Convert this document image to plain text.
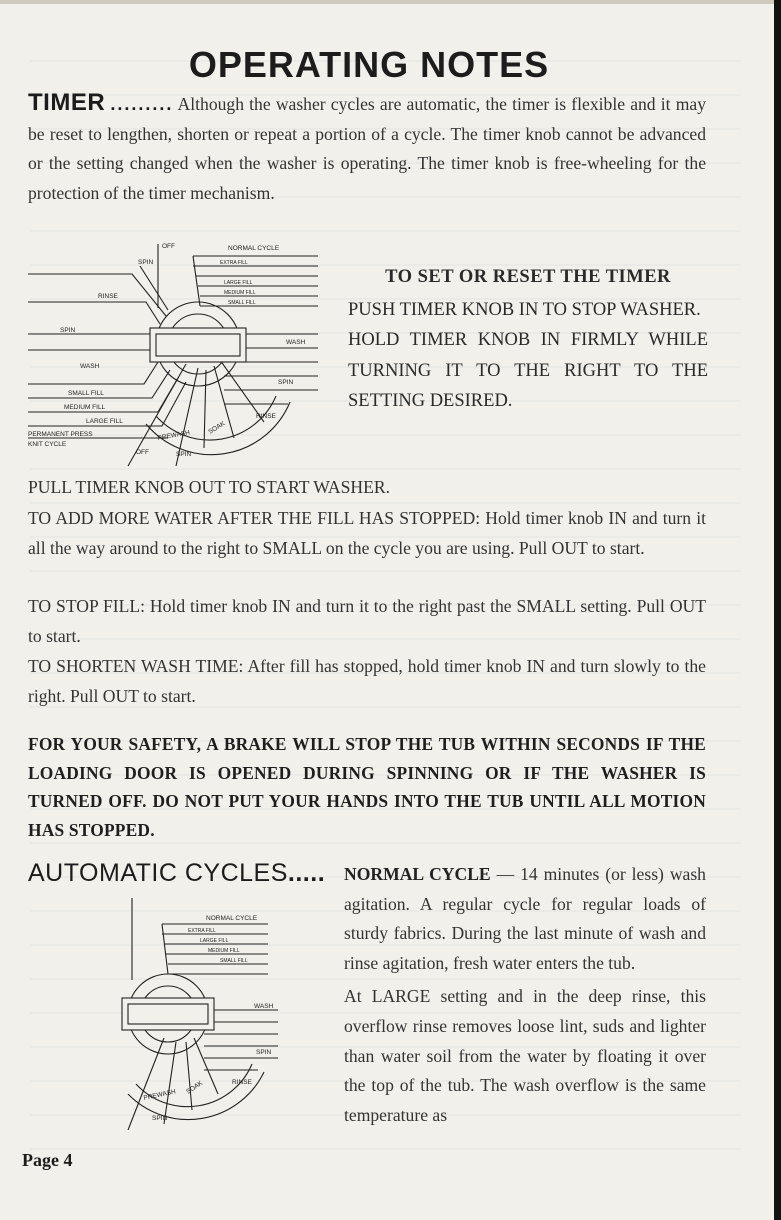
OPERATING NOTES
TIMER ......... Although the washer cycles are automatic, the timer is flexible and it may be reset to lengthen, shorten or repeat a portion of a cycle. The timer knob cannot be advanced or the setting changed when the washer is operating. The timer knob is free-wheeling for the protection of the timer mechanism.
OFF	NORMAL CYCLE
SPIN	EXTRA FILL
LARGE FILL
MEDIUM FILL
SMALL FILL
RINSE
SPIN
WASH
WASH
SPIN
SMALL FILL
MEDIUM FILL
LARGE FILL
RINSE
PERMANENT PRESS
KNIT CYCLE
PREWASH	SOAK
OFF	SPIN
TO SET OR RESET THE TIMER
PUSH TIMER KNOB IN TO STOP WASHER.
HOLD TIMER KNOB IN FIRMLY WHILE TURNING IT TO THE RIGHT TO THE SETTING DESIRED.
PULL TIMER KNOB OUT TO START WASHER.
TO ADD MORE WATER AFTER THE FILL HAS STOPPED: Hold timer knob IN and turn it all the way around to the right to SMALL on the cycle you are using. Pull OUT to start.
TO STOP FILL: Hold timer knob IN and turn it to the right past the SMALL setting. Pull OUT to start.
TO SHORTEN WASH TIME: After fill has stopped, hold timer knob IN and turn slowly to the right. Pull OUT to start.
FOR YOUR SAFETY, A BRAKE WILL STOP THE TUB WITHIN SECONDS IF THE LOADING DOOR IS OPENED DURING SPINNING OR IF THE WASHER IS TURNED OFF. DO NOT PUT YOUR HANDS INTO THE TUB UNTIL ALL MOTION HAS STOPPED.
AUTOMATIC CYCLES..... NORMAL CYCLE — 14 minutes (or less) wash agitation. A regular cycle for regular loads of sturdy fabrics. During the last minute of wash and rinse agitation, fresh water enters the tub.
At LARGE setting and in the deep rinse, this overflow rinse removes loose lint, suds and lighter than water soil from the water by floating it over the top of the tub. The wash overflow is the same temperature as
NORMAL CYCLE
EXTRA FILL
LARGE FILL
MEDIUM FILL
SMALL FILL
WASH
SPIN
RINSE
PREWASH SOAK
SPIN
Page 4
